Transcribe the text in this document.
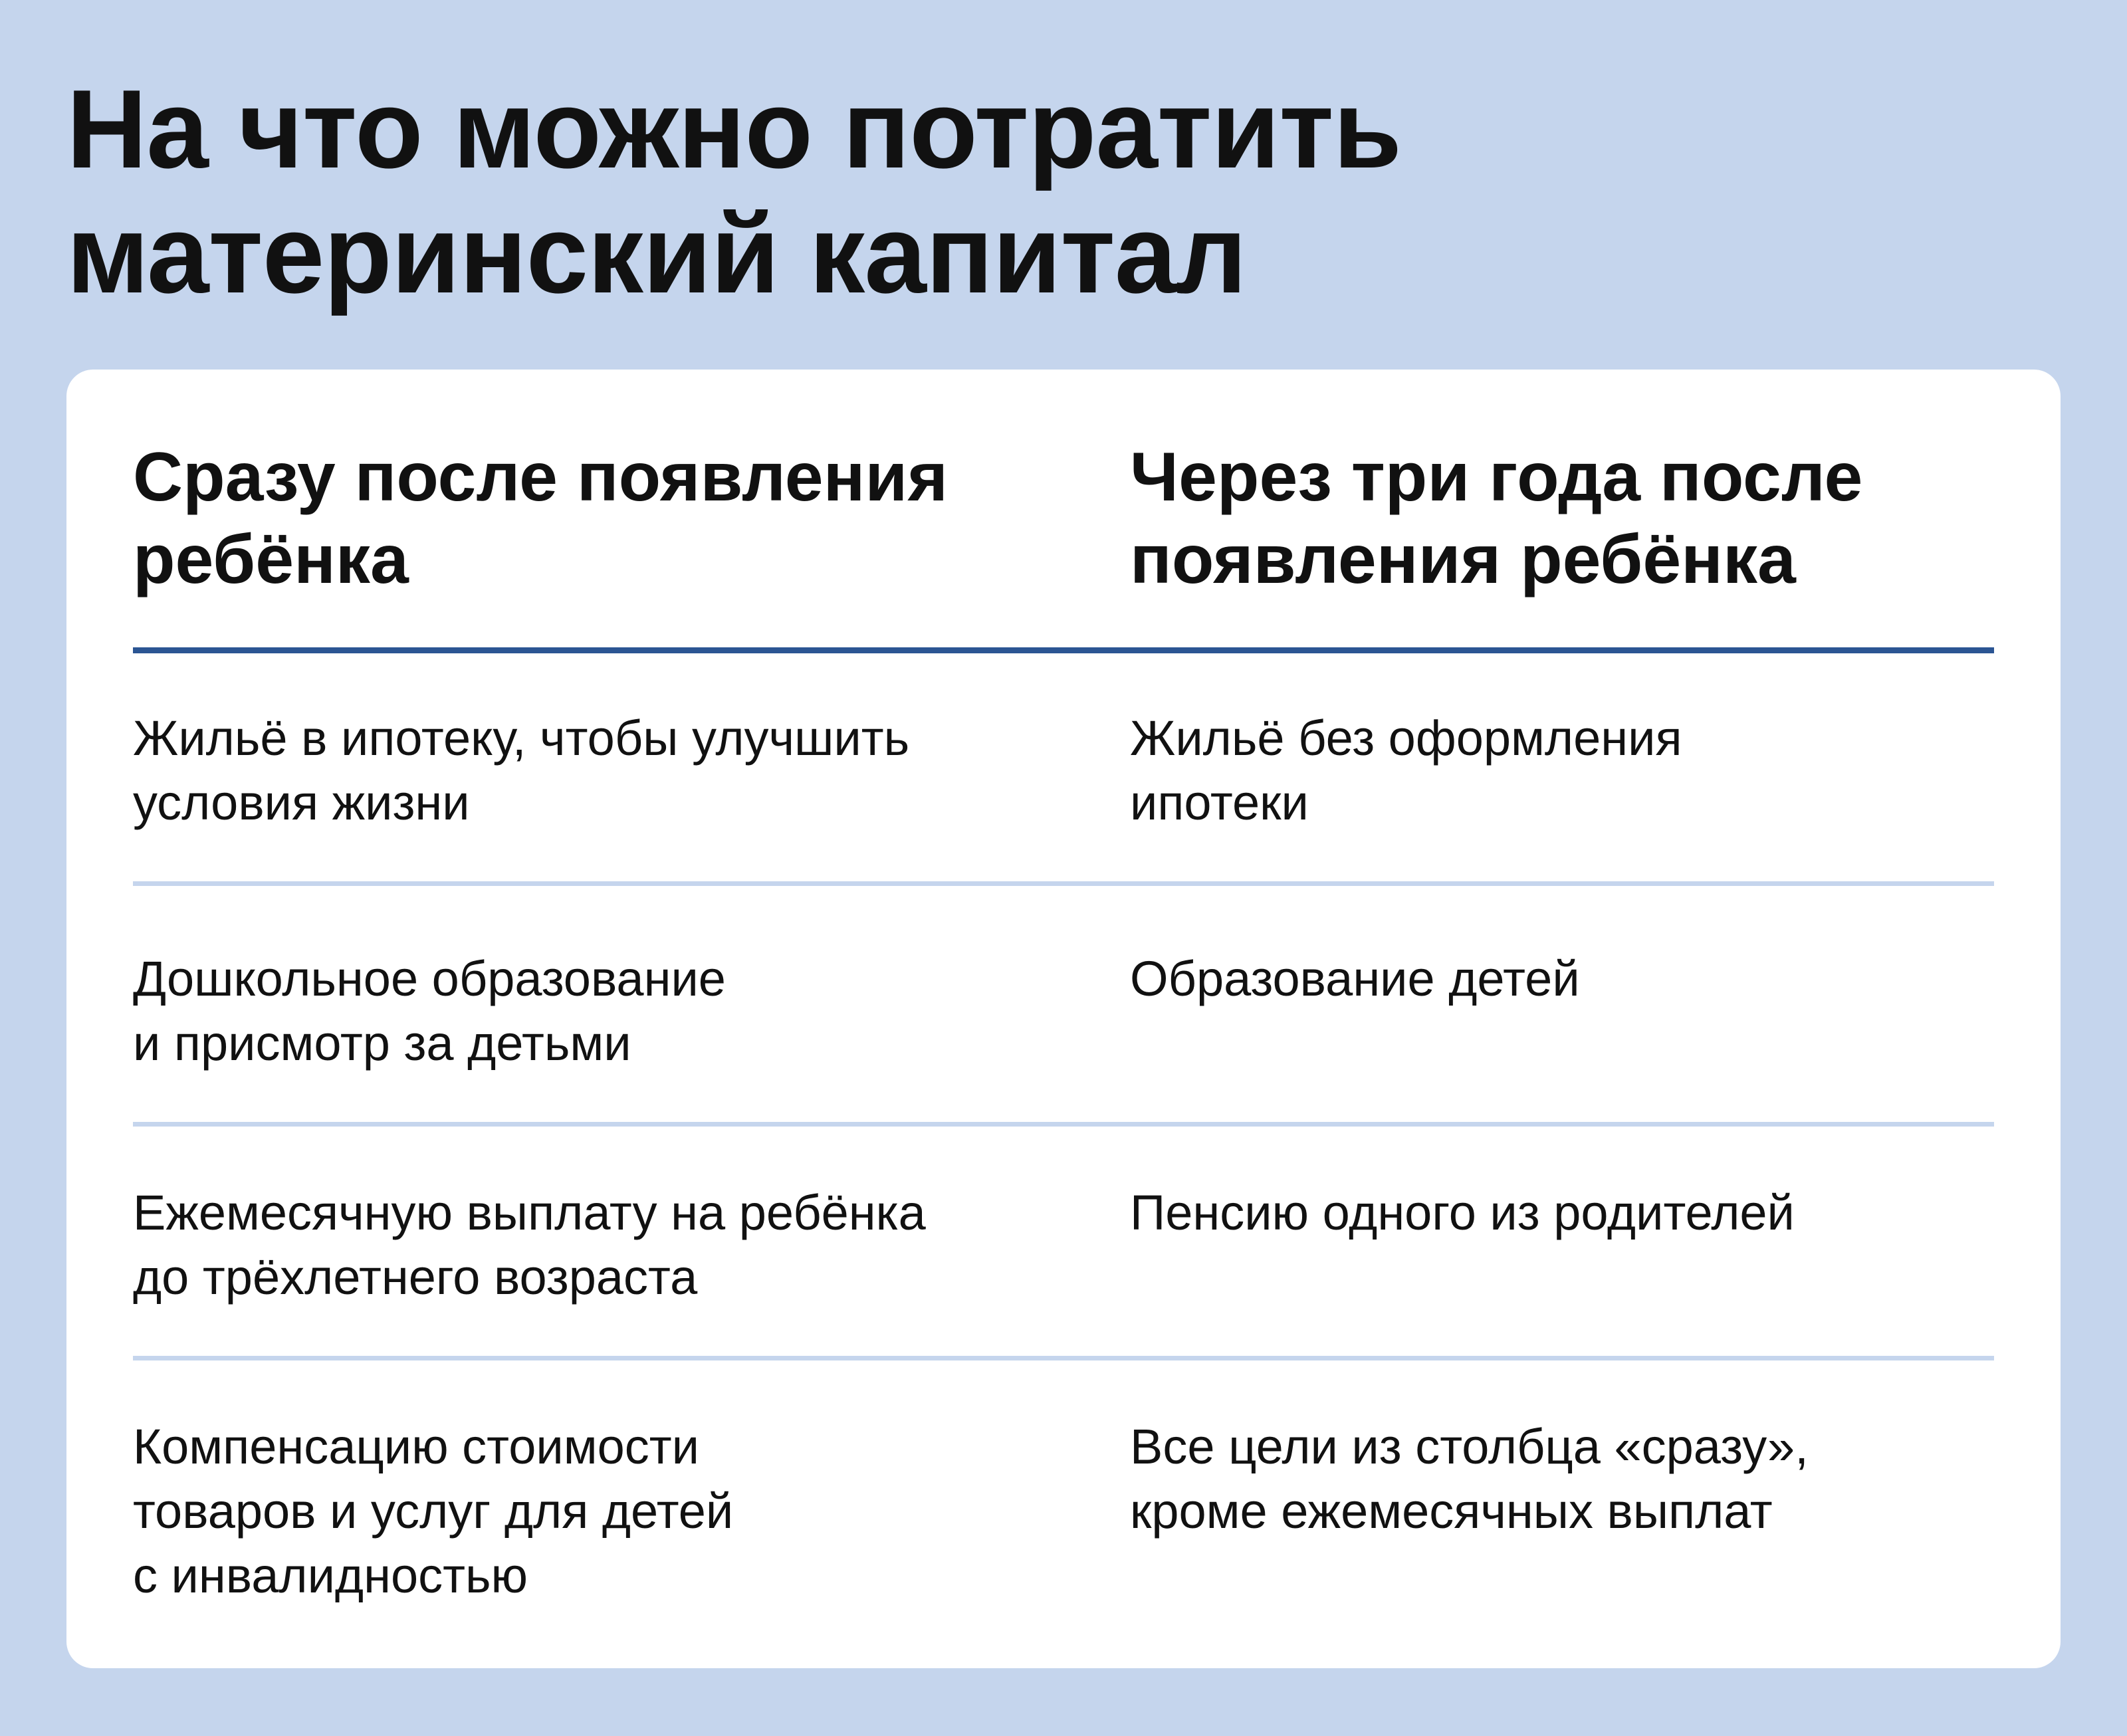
На что можно потратить
материнский капитал
Сразу после появления
ребёнка
Через три года после
появления ребёнка

Жильё в ипотеку, чтобы улучшить
условия жизни

Жильё без оформления
ипотеки

Дошкольное образование
и присмотр за детьми

Образование детей

Ежемесячную выплату на ребёнка
до трёхлетнего возраста

Пенсию одного из родителей

Компенсацию стоимости
товаров и услуг для детей
с инвалидностью

Все цели из столбца «сразу»,
кроме ежемесячных выплат
